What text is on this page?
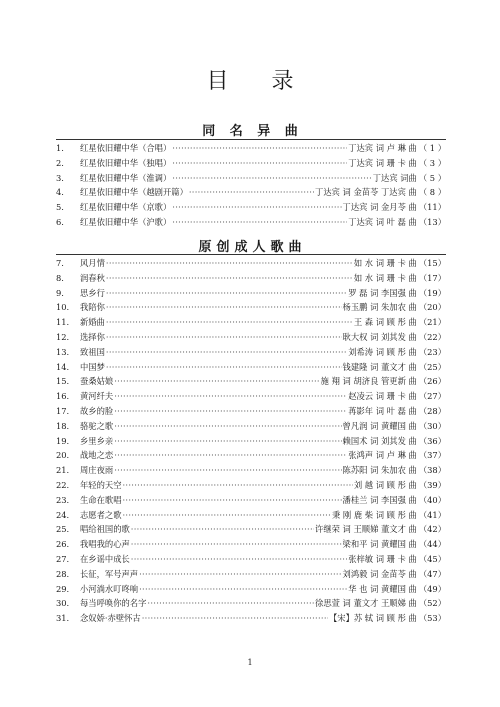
目 录
同 名 异 曲
1.	红星依旧耀中华（合唱） ·····	丁达宾 词 卢 琳 曲 （ 1 ）
2.	红星依旧耀中华（独唱） ·····	丁达宾 词 珊 卡 曲 （ 3 ）
3.	红星依旧耀中华（淮调） ·····	丁达宾 词曲 （ 5 ）
4.	红星依旧耀中华（越剧开篇） ·····	丁达宾 词 金苗苓 丁达宾 曲 （ 8 ）
5.	红星依旧耀中华（京歌） ·····	丁达宾 词 金月苓 曲 （11）
6.	红星依旧耀中华（沪歌） ·····	丁达宾 词 叶 磊 曲 （13）
原创成人歌曲
7.	风月情 ·····	如 水 词 珊 卡 曲 （15）
8.	润春秋 ·····	如 水 词 珊 卡 曲 （17）
9.	思乡行 ·····	罗 磊 词 李国强 曲 （19）
10.	我陪你 ·····	杨玉鹏 词 朱加农 曲 （20）
11.	新婚曲 ·····	王 森 词 顾 彤 曲 （21）
12.	选择你 ·····	耿大权 词 刘其发 曲 （22）
13.	致祖国 ·····	刘希涛 词 顾 彤 曲 （23）
14.	中国梦 ·····	钱建隆 词 董文才 曲 （25）
15.	蚕桑姑娘 ·····	施 翔 词 胡济良 管更新 曲 （26）
16.	黄河纤夫 ·····	赵凌云 词 珊 卡 曲 （27）
17.	故乡的脸 ·····	苒影年 词 叶 磊 曲 （28）
18.	骆驼之歌 ·····	曾凡润 词 黄耀国 曲 （30）
19.	乡里乡亲 ·····	赖国术 词 刘其发 曲 （36）
20.	战地之恋 ·····	张鸿声 词 卢 琳 曲 （37）
21.	周庄夜雨 ·····	陈苏阳 词 朱加农 曲 （38）
22.	年轻的天空 ·····	刘 越 词 顾 彤 曲 （39）
23.	生命在歌唱 ·····	潘桂兰 词 李国强 曲 （40）
24.	志愿者之歌 ·····	秉 刚 鹿 柴 词 顾 彤 曲 （41）
25.	唱给祖国的歌 ·····	许继荣 词 王顺娣 董文才 曲 （42）
26.	我唱我的心声 ·····	梁和平 词 黄耀国 曲 （44）
27.	在乡谣中成长 ·····	张梓敏 词 珊 卡 曲 （45）
28.	长征，军号声声 ·····	刘鸿毅 词 金苗苓 曲 （47）
29.	小河淌水叮咚响 ·····	华 也 词 黄耀国 曲 （49）
30.	每当呼唤你的名字 ·····	徐思萱 词 董文才 王顺娣 曲 （52）
31.	念奴娇·赤壁怀古 ·····	【宋】苏 轼 词 顾 彤 曲 （53）
1
